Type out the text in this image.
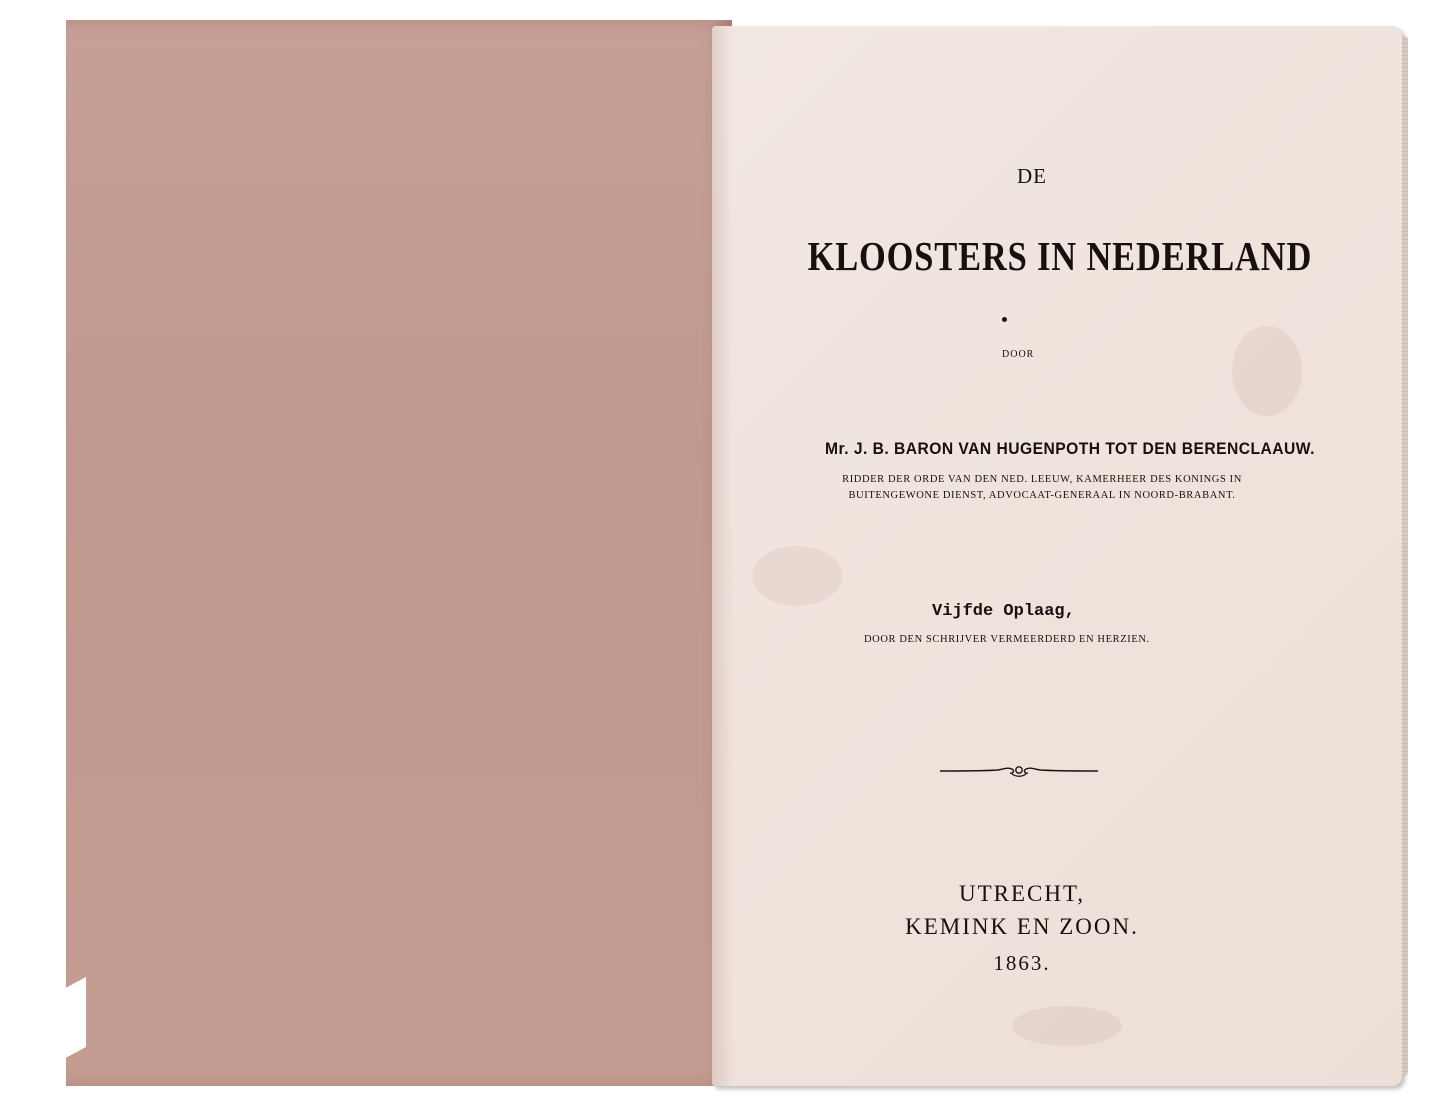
DE
KLOOSTERS IN NEDERLAND
DOOR
Mr. J. B. BARON VAN HUGENPOTH TOT DEN BERENCLAAUW.
RIDDER DER ORDE VAN DEN NED. LEEUW, KAMERHEER DES KONINGS IN BUITENGEWONE DIENST, ADVOCAAT-GENERAAL IN NOORD-BRABANT.
Vijfde Oplaag,
DOOR DEN SCHRIJVER VERMEERDERD EN HERZIEN.
UTRECHT,
KEMINK EN ZOON.
1863.
